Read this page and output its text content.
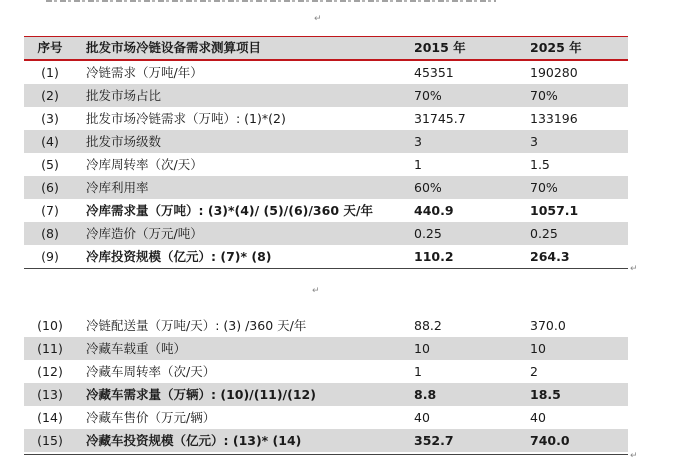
↵
序号	批发市场冷链设备需求测算项目	2015 年	2025 年
(1)	冷链需求（万吨/年）	45351	190280
(2)	批发市场占比	70%	70%
(3)	批发市场冷链需求（万吨）: (1)*(2)	31745.7	133196
(4)	批发市场级数	3	3
(5)	冷库周转率（次/天）	1	1.5
(6)	冷库利用率	60%	70%
(7)	冷库需求量（万吨）: (3)*(4)/ (5)/(6)/360 天/年	440.9	1057.1
(8)	冷库造价（万元/吨）	0.25	0.25
(9)	冷库投资规模（亿元）: (7)* (8)	110.2	264.3
↵
↵
(10)	冷链配送量（万吨/天）: (3) /360 天/年	88.2	370.0
(11)	冷藏车载重（吨）	10	10
(12)	冷藏车周转率（次/天）	1	2
(13)	冷藏车需求量（万辆）: (10)/(11)/(12)	8.8	18.5
(14)	冷藏车售价（万元/辆）	40	40
(15)	冷藏车投资规模（亿元）: (13)* (14)	352.7	740.0
↵
